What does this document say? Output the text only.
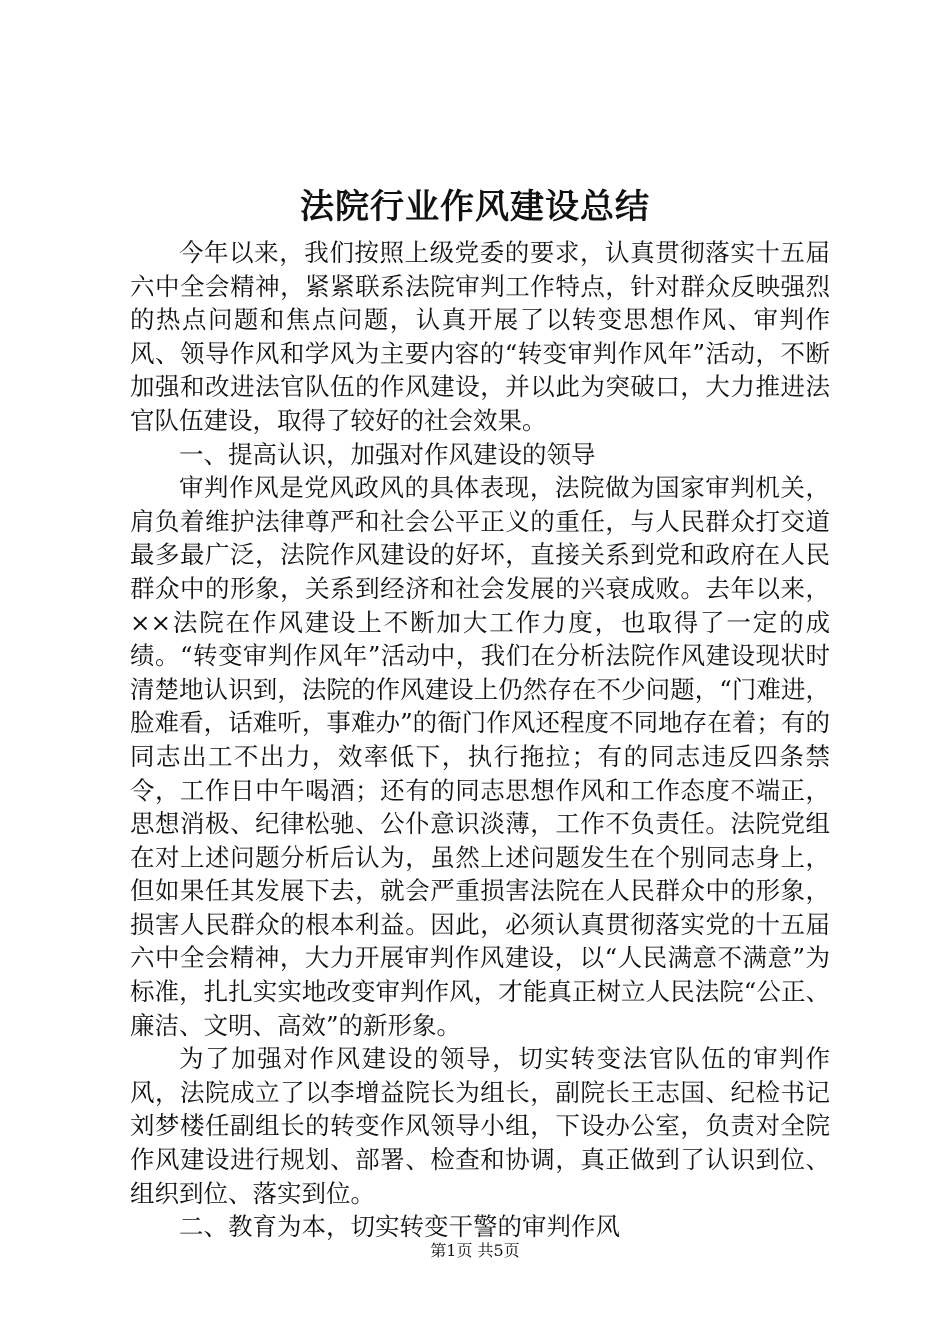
法院行业作风建设总结

今年以来，我们按照上级党委的要求，认真贯彻落实十五届六中全会精神，紧紧联系法院审判工作特点，针对群众反映强烈的热点问题和焦点问题，认真开展了以转变思想作风、审判作风、领导作风和学风为主要内容的“转变审判作风年”活动，不断加强和改进法官队伍的作风建设，并以此为突破口，大力推进法官队伍建设，取得了较好的社会效果。

一、提高认识，加强对作风建设的领导

审判作风是党风政风的具体表现，法院做为国家审判机关，肩负着维护法律尊严和社会公平正义的重任，与人民群众打交道最多最广泛，法院作风建设的好坏，直接关系到党和政府在人民群众中的形象，关系到经济和社会发展的兴衰成败。去年以来，××法院在作风建设上不断加大工作力度，也取得了一定的成绩。“转变审判作风年”活动中，我们在分析法院作风建设现状时清楚地认识到，法院的作风建设上仍然存在不少问题，“门难进，脸难看，话难听，事难办”的衙门作风还程度不同地存在着；有的同志出工不出力，效率低下，执行拖拉；有的同志违反四条禁令，工作日中午喝酒；还有的同志思想作风和工作态度不端正，思想消极、纪律松驰、公仆意识淡薄，工作不负责任。法院党组在对上述问题分析后认为，虽然上述问题发生在个别同志身上，但如果任其发展下去，就会严重损害法院在人民群众中的形象，损害人民群众的根本利益。因此，必须认真贯彻落实党的十五届六中全会精神，大力开展审判作风建设，以“人民满意不满意”为标准，扎扎实实地改变审判作风，才能真正树立人民法院“公正、廉洁、文明、高效”的新形象。

为了加强对作风建设的领导，切实转变法官队伍的审判作风，法院成立了以李增益院长为组长，副院长王志国、纪检书记刘梦楼任副组长的转变作风领导小组，下设办公室，负责对全院作风建设进行规划、部署、检查和协调，真正做到了认识到位、组织到位、落实到位。

二、教育为本，切实转变干警的审判作风

第1页 共5页
